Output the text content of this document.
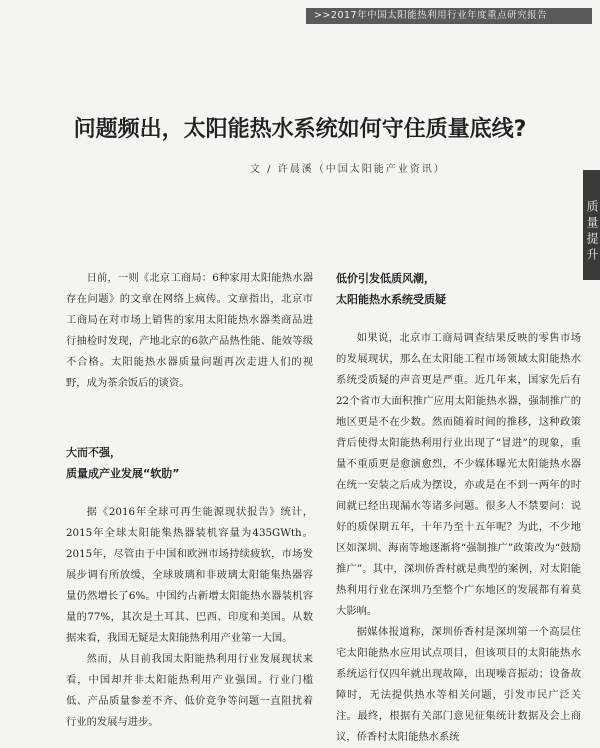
>>2017年中国太阳能热利用行业年度重点研究报告
质量提升
问题频出，太阳能热水系统如何守住质量底线?
文 / 许晨溪（中国太阳能产业资讯）

日前，一则《北京工商局：6种家用太阳能热水器存在问题》的文章在网络上疯传。文章指出，北京市工商局在对市场上销售的家用太阳能热水器类商品进行抽检时发现，产地北京的6款产品热性能、能效等级不合格。太阳能热水器质量问题再次走进人们的视野，成为茶余饭后的谈资。

大而不强，

质量成产业发展“软肋”

据《2016年全球可再生能源现状报告》统计，2015年全球太阳能集热器装机容量为435GWth。2015年，尽管由于中国和欧洲市场持续疲软，市场发展步调有所放缓，全球玻璃和非玻璃太阳能集热器容量仍然增长了6%。中国约占新增太阳能热水器装机容量的77%，其次是土耳其、巴西、印度和美国。从数据来看，我国无疑是太阳能热利用产业第一大国。

然而，从目前我国太阳能热利用行业发展现状来看，中国却并非太阳能热利用产业强国。行业门槛低、产品质量参差不齐、低价竞争等问题一直阻扰着行业的发展与进步。

低价引发低质风潮，

太阳能热水系统受质疑

如果说，北京市工商局调查结果反映的零售市场的发展现状，那么在太阳能工程市场领域太阳能热水系统受质疑的声音更是严重。近几年来，国家先后有22个省市大面积推广应用太阳能热水器，强制推广的地区更是不在少数。然而随着时间的推移，这种政策背后使得太阳能热利用行业出现了“冒进”的现象，重量不重质更是愈演愈烈，不少媒体曝光太阳能热水器在统一安装之后成为摆设，亦或是在不到一两年的时间就已经出现漏水等诸多问题。很多人不禁要问：说好的质保期五年，十年乃至十五年呢？为此，不少地区如深圳、海南等地逐渐将“强制推广”政策改为“鼓励推广”。其中，深圳侨香村就是典型的案例，对太阳能热利用行业在深圳乃至整个广东地区的发展都有着莫大影响。

据媒体报道称，深圳侨香村是深圳第一个高层住宅太阳能热水应用试点项目，但该项目的太阳能热水系统运行仅四年就出现故障，出现噪音振动；设备故障时，无法提供热水等相关问题，引发市民广泛关注。最终，根据有关部门意见征集统计数据及会上商议，侨香村太阳能热水系统
